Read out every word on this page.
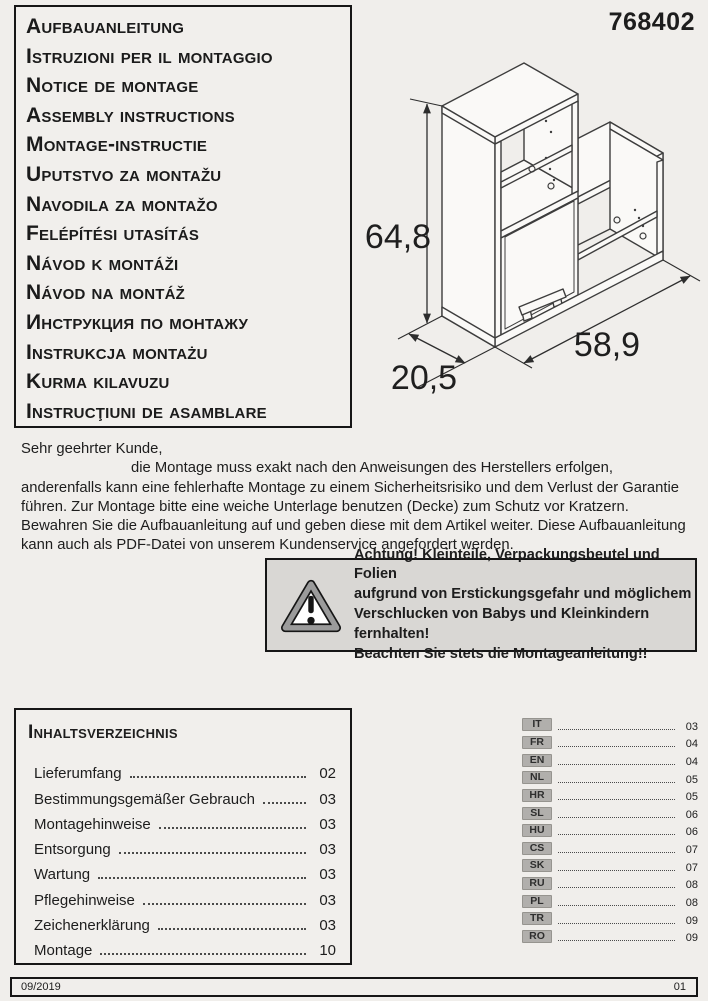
Aufbauanleitung
Istruzioni per il montaggio
Notice de montage
Assembly instructions
Montage-instructie
Uputstvo za montažu
Navodila za montažo
Felépítési utasítás
Návod k montáži
Návod na montáž
Инструкция по монтажу
Instrukcja montażu
Kurma kılavuzu
Instrucţiuni de asamblare
768402
64,8
20,5
58,9
Sehr geehrter Kunde,
die Montage muss exakt nach den Anweisungen des Herstellers erfolgen, anderenfalls kann eine fehlerhafte Montage zu einem Sicherheitsrisiko und dem Verlust der Garantie führen. Zur Montage bitte eine weiche Unterlage benutzen (Decke) zum Schutz vor Kratzern.
Bewahren Sie die Aufbauanleitung auf und geben diese mit dem Artikel weiter. Diese Aufbauanleitung kann auch als PDF-Datei von unserem Kundenservice angefordert werden.
Achtung! Kleinteile, Verpackungsbeutel und Folien
aufgrund von Erstickungsgefahr und möglichem
Verschlucken von Babys und Kleinkindern fernhalten!
Beachten Sie stets die Montageanleitung!!
Inhaltsverzeichnis
Lieferumfang	02
Bestimmungsgemäßer Gebrauch	03
Montagehinweise	03
Entsorgung	03
Wartung	03
Pflegehinweise	03
Zeichenerklärung	03
Montage	10
IT	03
FR	04
EN	04
NL	05
HR	05
SL	06
HU	06
CS	07
SK	07
RU	08
PL	08
TR	09
RO	09
09/2019	01
